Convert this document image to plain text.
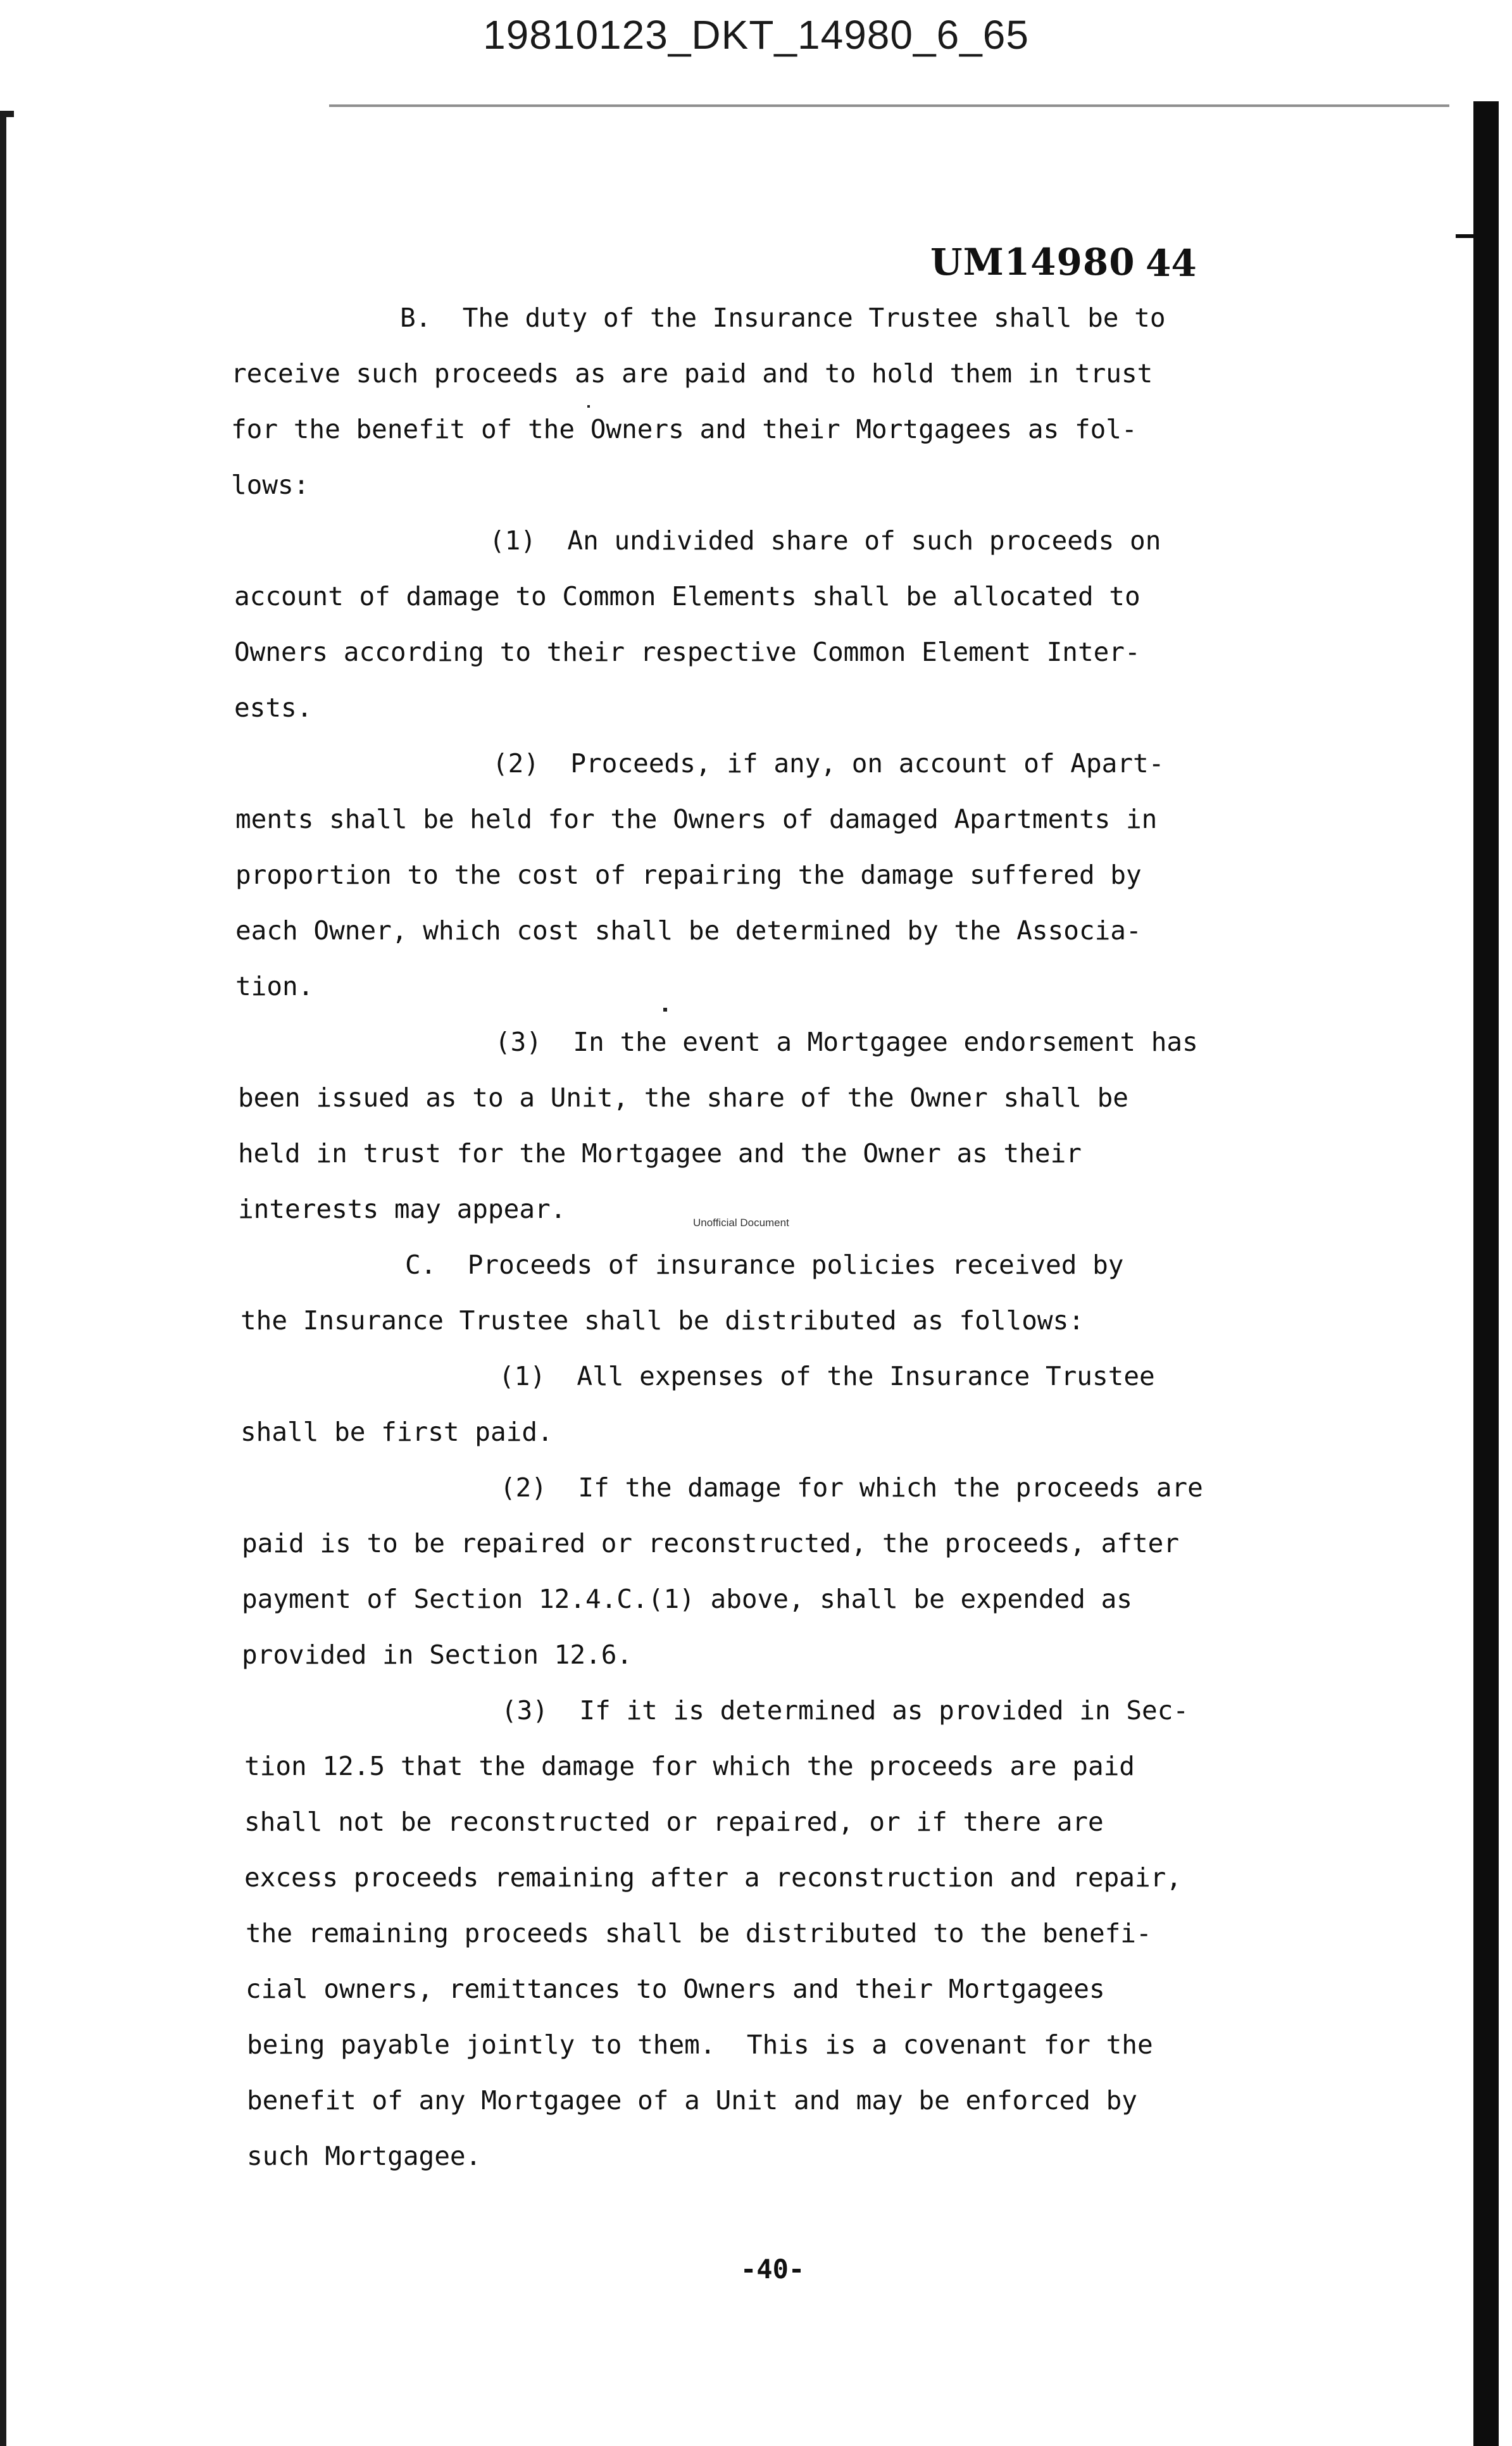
19810123_DKT_14980_6_65
UM14980 44
B.  The duty of the Insurance Trustee shall be to
receive such proceeds as are paid and to hold them in trust
for the benefit of the Owners and their Mortgagees as fol-
lows:
(1)  An undivided share of such proceeds on
account of damage to Common Elements shall be allocated to
Owners according to their respective Common Element Inter-
ests.
(2)  Proceeds, if any, on account of Apart-
ments shall be held for the Owners of damaged Apartments in
proportion to the cost of repairing the damage suffered by
each Owner, which cost shall be determined by the Associa-
tion.
(3)  In the event a Mortgagee endorsement has
been issued as to a Unit, the share of the Owner shall be
held in trust for the Mortgagee and the Owner as their
interests may appear.
C.  Proceeds of insurance policies received by
the Insurance Trustee shall be distributed as follows:
(1)  All expenses of the Insurance Trustee
shall be first paid.
(2)  If the damage for which the proceeds are
paid is to be repaired or reconstructed, the proceeds, after
payment of Section 12.4.C.(1) above, shall be expended as
provided in Section 12.6.
(3)  If it is determined as provided in Sec-
tion 12.5 that the damage for which the proceeds are paid
shall not be reconstructed or repaired, or if there are
excess proceeds remaining after a reconstruction and repair,
the remaining proceeds shall be distributed to the benefi-
cial owners, remittances to Owners and their Mortgagees
being payable jointly to them.  This is a covenant for the
benefit of any Mortgagee of a Unit and may be enforced by
such Mortgagee.
Unofficial Document
-40-
